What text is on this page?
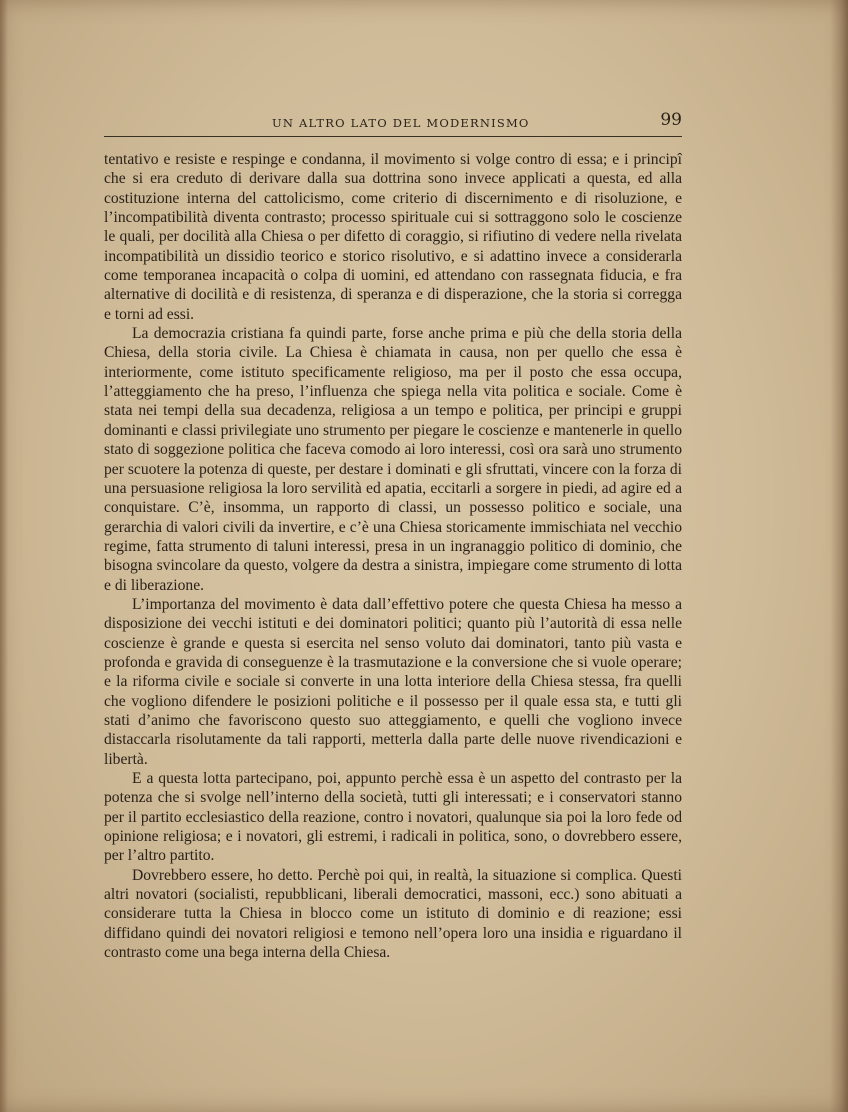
UN ALTRO LATO DEL MODERNISMO	99

tentativo e resiste e respinge e condanna, il movimento si volge contro di essa; e i principî che si era creduto di derivare dalla sua dottrina sono invece applicati a questa, ed alla costituzione interna del cattolicismo, come criterio di discernimento e di risoluzione, e l’incompatibilità diventa contrasto; processo spirituale cui si sottraggono solo le coscienze le quali, per docilità alla Chiesa o per difetto di coraggio, si rifiutino di vedere nella rivelata incompatibilità un dissidio teorico e storico risolutivo, e si adattino invece a considerarla come temporanea incapacità o colpa di uomini, ed attendano con rassegnata fiducia, e fra alternative di docilità e di resistenza, di speranza e di disperazione, che la storia si corregga e torni ad essi.

La democrazia cristiana fa quindi parte, forse anche prima e più che della storia della Chiesa, della storia civile. La Chiesa è chiamata in causa, non per quello che essa è interiormente, come istituto specificamente religioso, ma per il posto che essa occupa, l’atteggiamento che ha preso, l’influenza che spiega nella vita politica e sociale. Come è stata nei tempi della sua decadenza, religiosa a un tempo e politica, per principi e gruppi dominanti e classi privilegiate uno strumento per piegare le coscienze e mantenerle in quello stato di soggezione politica che faceva comodo ai loro interessi, così ora sarà uno strumento per scuotere la potenza di queste, per destare i dominati e gli sfruttati, vincere con la forza di una persuasione religiosa la loro servilità ed apatia, eccitarli a sorgere in piedi, ad agire ed a conquistare. C’è, insomma, un rapporto di classi, un possesso politico e sociale, una gerarchia di valori civili da invertire, e c’è una Chiesa storicamente immischiata nel vecchio regime, fatta strumento di taluni interessi, presa in un ingranaggio politico di dominio, che bisogna svincolare da questo, volgere da destra a sinistra, impiegare come strumento di lotta e di liberazione.

L’importanza del movimento è data dall’effettivo potere che questa Chiesa ha messo a disposizione dei vecchi istituti e dei dominatori politici; quanto più l’autorità di essa nelle coscienze è grande e questa si esercita nel senso voluto dai dominatori, tanto più vasta e profonda e gravida di conseguenze è la trasmutazione e la conversione che si vuole operare; e la riforma civile e sociale si converte in una lotta interiore della Chiesa stessa, fra quelli che vogliono difendere le posizioni politiche e il possesso per il quale essa sta, e tutti gli stati d’animo che favoriscono questo suo atteggiamento, e quelli che vogliono invece distaccarla risolutamente da tali rapporti, metterla dalla parte delle nuove rivendicazioni e libertà.

E a questa lotta partecipano, poi, appunto perchè essa è un aspetto del contrasto per la potenza che si svolge nell’interno della società, tutti gli interessati; e i conservatori stanno per il partito ecclesiastico della reazione, contro i novatori, qualunque sia poi la loro fede od opinione religiosa; e i novatori, gli estremi, i radicali in politica, sono, o dovrebbero essere, per l’altro partito.

Dovrebbero essere, ho detto. Perchè poi qui, in realtà, la situazione si complica. Questi altri novatori (socialisti, repubblicani, liberali democratici, massoni, ecc.) sono abituati a considerare tutta la Chiesa in blocco come un istituto di dominio e di reazione; essi diffidano quindi dei novatori religiosi e temono nell’opera loro una insidia e riguardano il contrasto come una bega interna della Chiesa.
